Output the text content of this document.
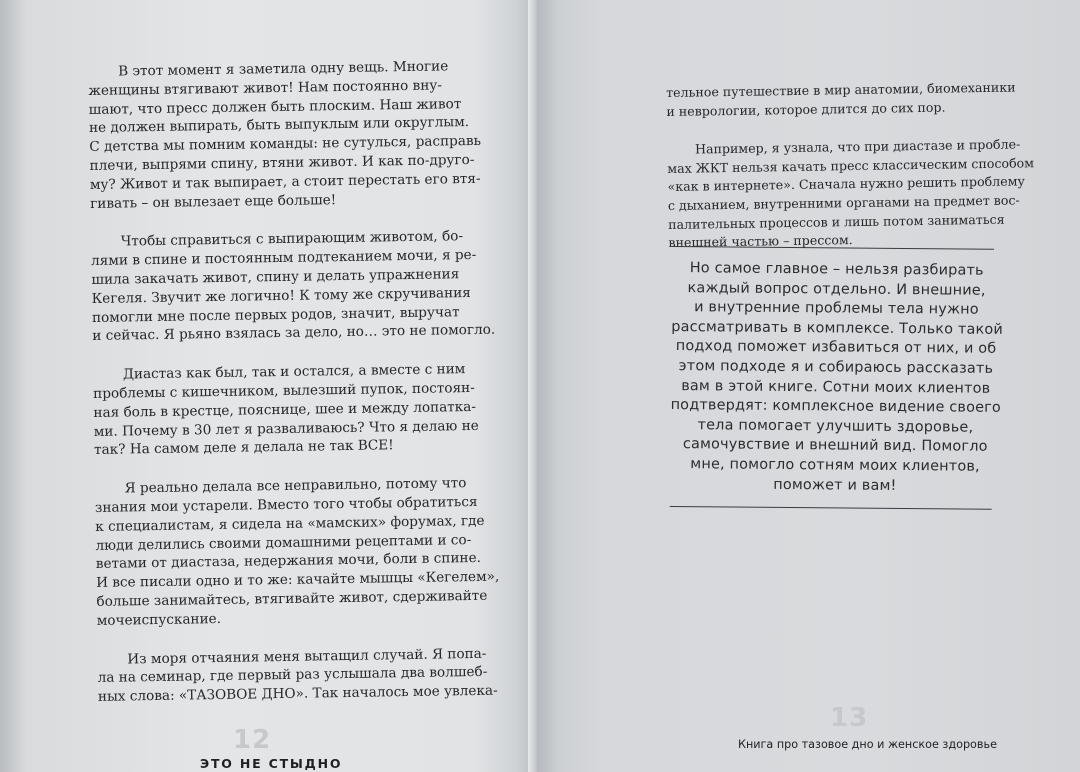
В этот момент я заметила одну вещь. Многие
женщины втягивают живот! Нам постоянно вну-
шают, что пресс должен быть плоским. Наш живот
не должен выпирать, быть выпуклым или округлым.
С детства мы помним команды: не сутулься, расправь
плечи, выпрями спину, втяни живот. И как по-друго-
му? Живот и так выпирает, а стоит перестать его втя-
гивать – он вылезает еще больше!

Чтобы справиться с выпирающим животом, бо-
лями в спине и постоянным подтеканием мочи, я ре-
шила закачать живот, спину и делать упражнения
Кегеля. Звучит же логично! К тому же скручивания
помогли мне после первых родов, значит, выручат
и сейчас. Я рьяно взялась за дело, но… это не помогло.

Диастаз как был, так и остался, а вместе с ним
проблемы с кишечником, вылезший пупок, постоян-
ная боль в крестце, пояснице, шее и между лопатка-
ми. Почему в 30 лет я разваливаюсь? Что я делаю не
так? На самом деле я делала не так ВСЕ!

Я реально делала все неправильно, потому что
знания мои устарели. Вместо того чтобы обратиться
к специалистам, я сидела на «мамских» форумах, где
люди делились своими домашними рецептами и со-
ветами от диастаза, недержания мочи, боли в спине.
И все писали одно и то же: качайте мышцы «Кегелем»,
больше занимайтесь, втягивайте живот, сдерживайте
мочеиспускание.

Из моря отчаяния меня вытащил случай. Я попа-
ла на семинар, где первый раз услышала два волшеб-
ных слова: «ТАЗОВОЕ ДНО». Так началось мое увлека-

12
ЭТО НЕ СТЫДНО

тельное путешествие в мир анатомии, биомеханики
и неврологии, которое длится до сих пор.

Например, я узнала, что при диастазе и пробле-
мах ЖКТ нельзя качать пресс классическим способом
«как в интернете». Сначала нужно решить проблему
с дыханием, внутренними органами на предмет вос-
палительных процессов и лишь потом заниматься
внешней частью – прессом.

Но самое главное – нельзя разбирать
каждый вопрос отдельно. И внешние,
и внутренние проблемы тела нужно
рассматривать в комплексе. Только такой
подход поможет избавиться от них, и об
этом подходе я и собираюсь рассказать
вам в этой книге. Сотни моих клиентов
подтвердят: комплексное видение своего
тела помогает улучшить здоровье,
самочувствие и внешний вид. Помогло
мне, помогло сотням моих клиентов,
поможет и вам!
13
Книга про тазовое дно и женское здоровье
